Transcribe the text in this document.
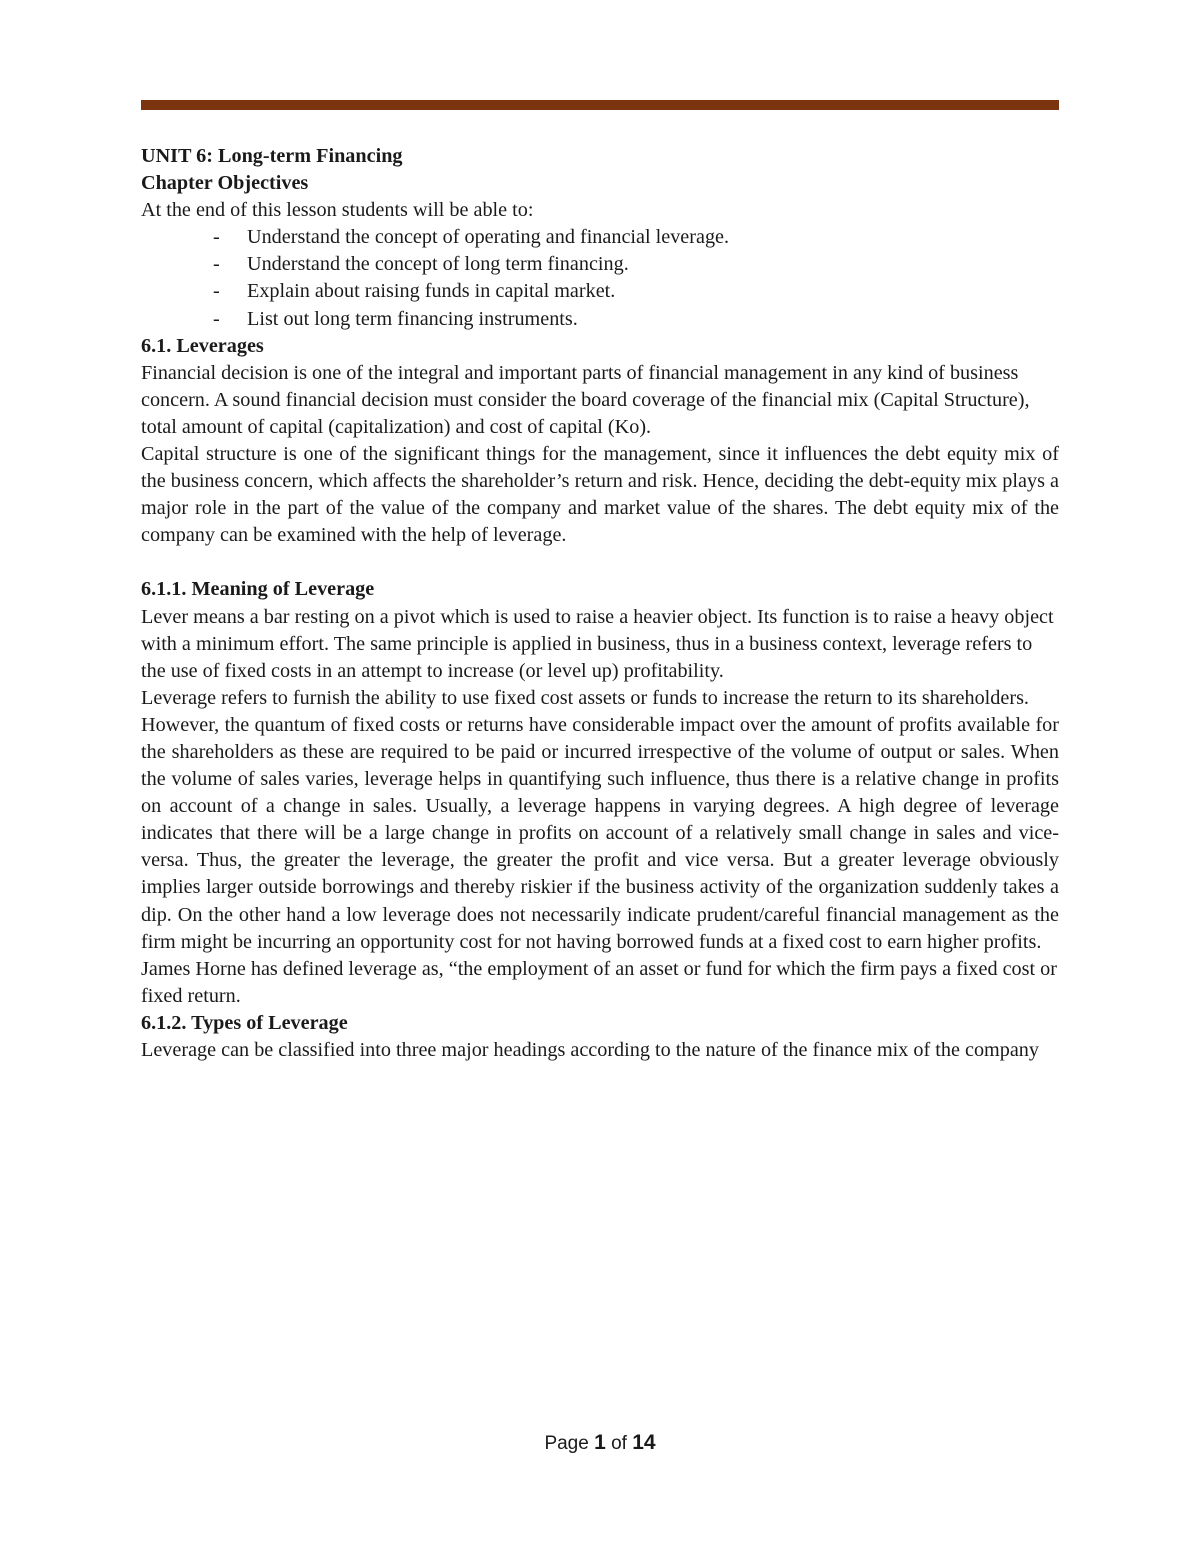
UNIT 6: Long-term Financing

Chapter Objectives

At the end of this lesson students will be able to:

- Understand the concept of operating and financial leverage.
- Understand the concept of long term financing.
- Explain about raising funds in capital market.
- List out long term financing instruments.

6.1. Leverages

Financial decision is one of the integral and important parts of financial management in any kind of business concern. A sound financial decision must consider the board coverage of the financial mix (Capital Structure), total amount of capital (capitalization) and cost of capital (Ko).

Capital structure is one of the significant things for the management, since it influences the debt equity mix of the business concern, which affects the shareholder’s return and risk. Hence, deciding the debt-equity mix plays a major role in the part of the value of the company and market value of the shares. The debt equity mix of the company can be examined with the help of leverage.

6.1.1. Meaning of Leverage

Lever means a bar resting on a pivot which is used to raise a heavier object. Its function is to raise a heavy object with a minimum effort. The same principle is applied in business, thus in a business context, leverage refers to the use of fixed costs in an attempt to increase (or level up) profitability.

Leverage refers to furnish the ability to use fixed cost assets or funds to increase the return to its shareholders.

However, the quantum of fixed costs or returns have considerable impact over the amount of profits available for the shareholders as these are required to be paid or incurred irrespective of the volume of output or sales. When the volume of sales varies, leverage helps in quantifying such influence, thus there is a relative change in profits on account of a change in sales. Usually, a leverage happens in varying degrees. A high degree of leverage indicates that there will be a large change in profits on account of a relatively small change in sales and vice-versa. Thus, the greater the leverage, the greater the profit and vice versa. But a greater leverage obviously implies larger outside borrowings and thereby riskier if the business activity of the organization suddenly takes a dip. On the other hand a low leverage does not necessarily indicate prudent/careful financial management as the firm might be incurring an opportunity cost for not having borrowed funds at a fixed cost to earn higher profits.

James Horne has defined leverage as, “the employment of an asset or fund for which the firm pays a fixed cost or fixed return.

6.1.2. Types of Leverage

Leverage can be classified into three major headings according to the nature of the finance mix of the company

Page 1 of 14
